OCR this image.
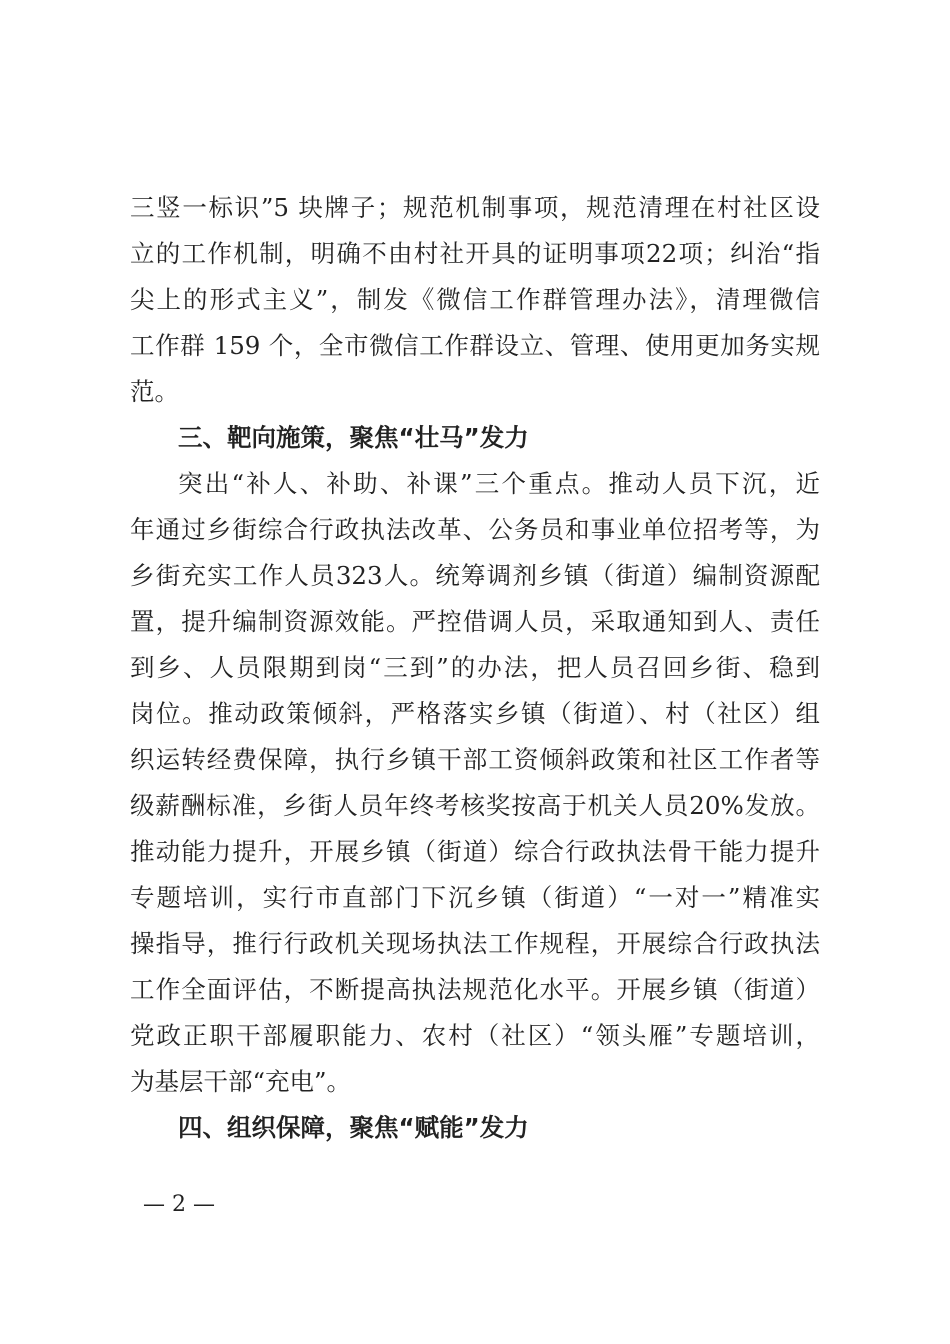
三竖一标识”5 块牌子；规范机制事项，规范清理在村社区设
立的工作机制，明确不由村社开具的证明事项22项；纠治“指
尖上的形式主义”，制发《微信工作群管理办法》，清理微信
工作群 159 个，全市微信工作群设立、管理、使用更加务实规
范。
三、靶向施策，聚焦“壮马”发力
突出“补人、补助、补课”三个重点。推动人员下沉，近
年通过乡街综合行政执法改革、公务员和事业单位招考等，为
乡街充实工作人员323人。统筹调剂乡镇（街道）编制资源配
置，提升编制资源效能。严控借调人员，采取通知到人、责任
到乡、人员限期到岗“三到”的办法，把人员召回乡街、稳到
岗位。推动政策倾斜，严格落实乡镇（街道）、村（社区）组
织运转经费保障，执行乡镇干部工资倾斜政策和社区工作者等
级薪酬标准，乡街人员年终考核奖按高于机关人员20%发放。
推动能力提升，开展乡镇（街道）综合行政执法骨干能力提升
专题培训，实行市直部门下沉乡镇（街道）“一对一”精准实
操指导，推行行政机关现场执法工作规程，开展综合行政执法
工作全面评估，不断提高执法规范化水平。开展乡镇（街道）
党政正职干部履职能力、农村（社区）“领头雁”专题培训，
为基层干部“充电”。
四、组织保障，聚焦“赋能”发力
— 2 —
